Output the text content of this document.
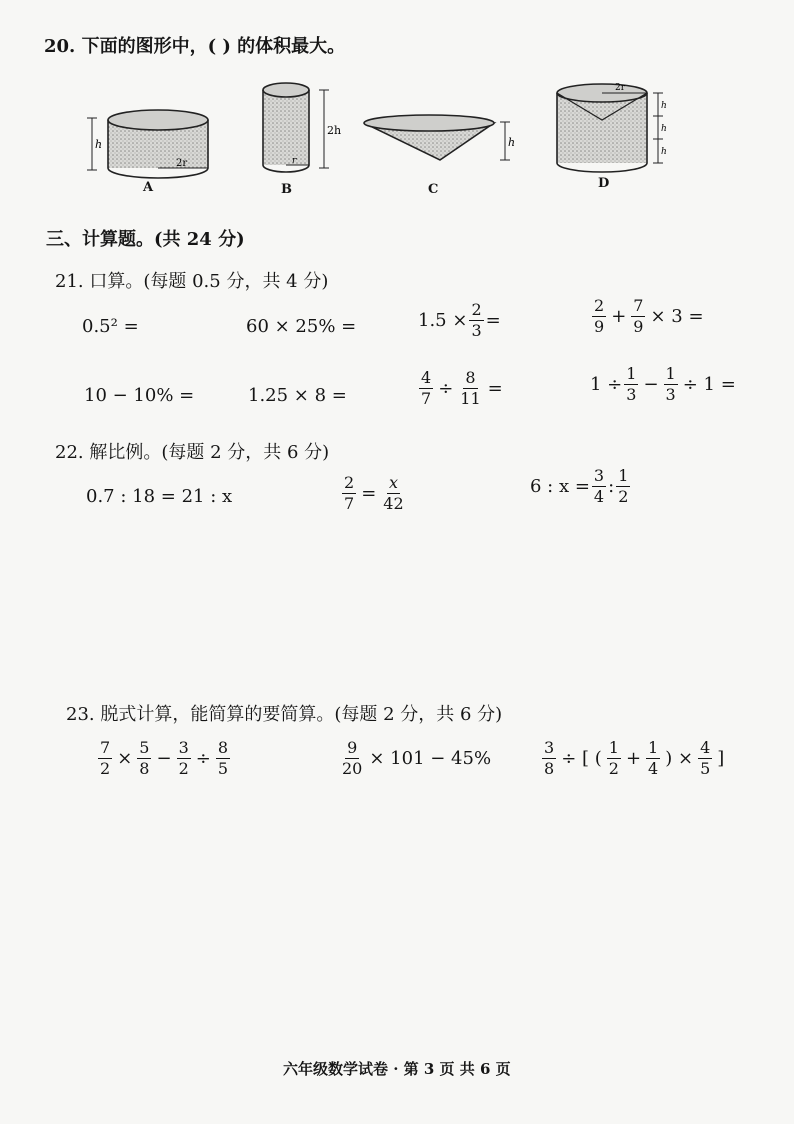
20. 下面的图形中，( ) 的体积最大。
2r
h
r
2h
h
2r
h
h
h
A	B	C	D
三、计算题。(共 24 分)
21. 口算。(每题 0.5 分，共 4 分)
0.5² =	60 × 25% =	$1.5 \times \frac{2}{3}$ =	$\frac{2}{9} + \frac{7}{9} \times 3$ =
10 − 10% =	1.25 × 8 =	$\frac{4}{7} \div \frac{8}{11}$ =	$1 \div \frac{1}{3} - \frac{1}{3} \div 1$ =
22. 解比例。(每题 2 分，共 6 分)
0.7 : 18 = 21 : x	$\frac{2}{7} = \frac{x}{42}$	6 : $x = \frac{3}{4}$ : $\frac{1}{2}$
23. 脱式计算，能简算的要简算。(每题 2 分，共 6 分)
$\frac{7}{2} \times \frac{5}{8} - \frac{3}{2} \div \frac{8}{5}$	$\frac{9}{20} \times 101 - 45\%$	$\frac{3}{8}$ ÷ [ ( $\frac{1}{2} + \frac{1}{4}$ ) × $\frac{4}{5}$ ]
六年级数学试卷 · 第 3 页 共 6 页
